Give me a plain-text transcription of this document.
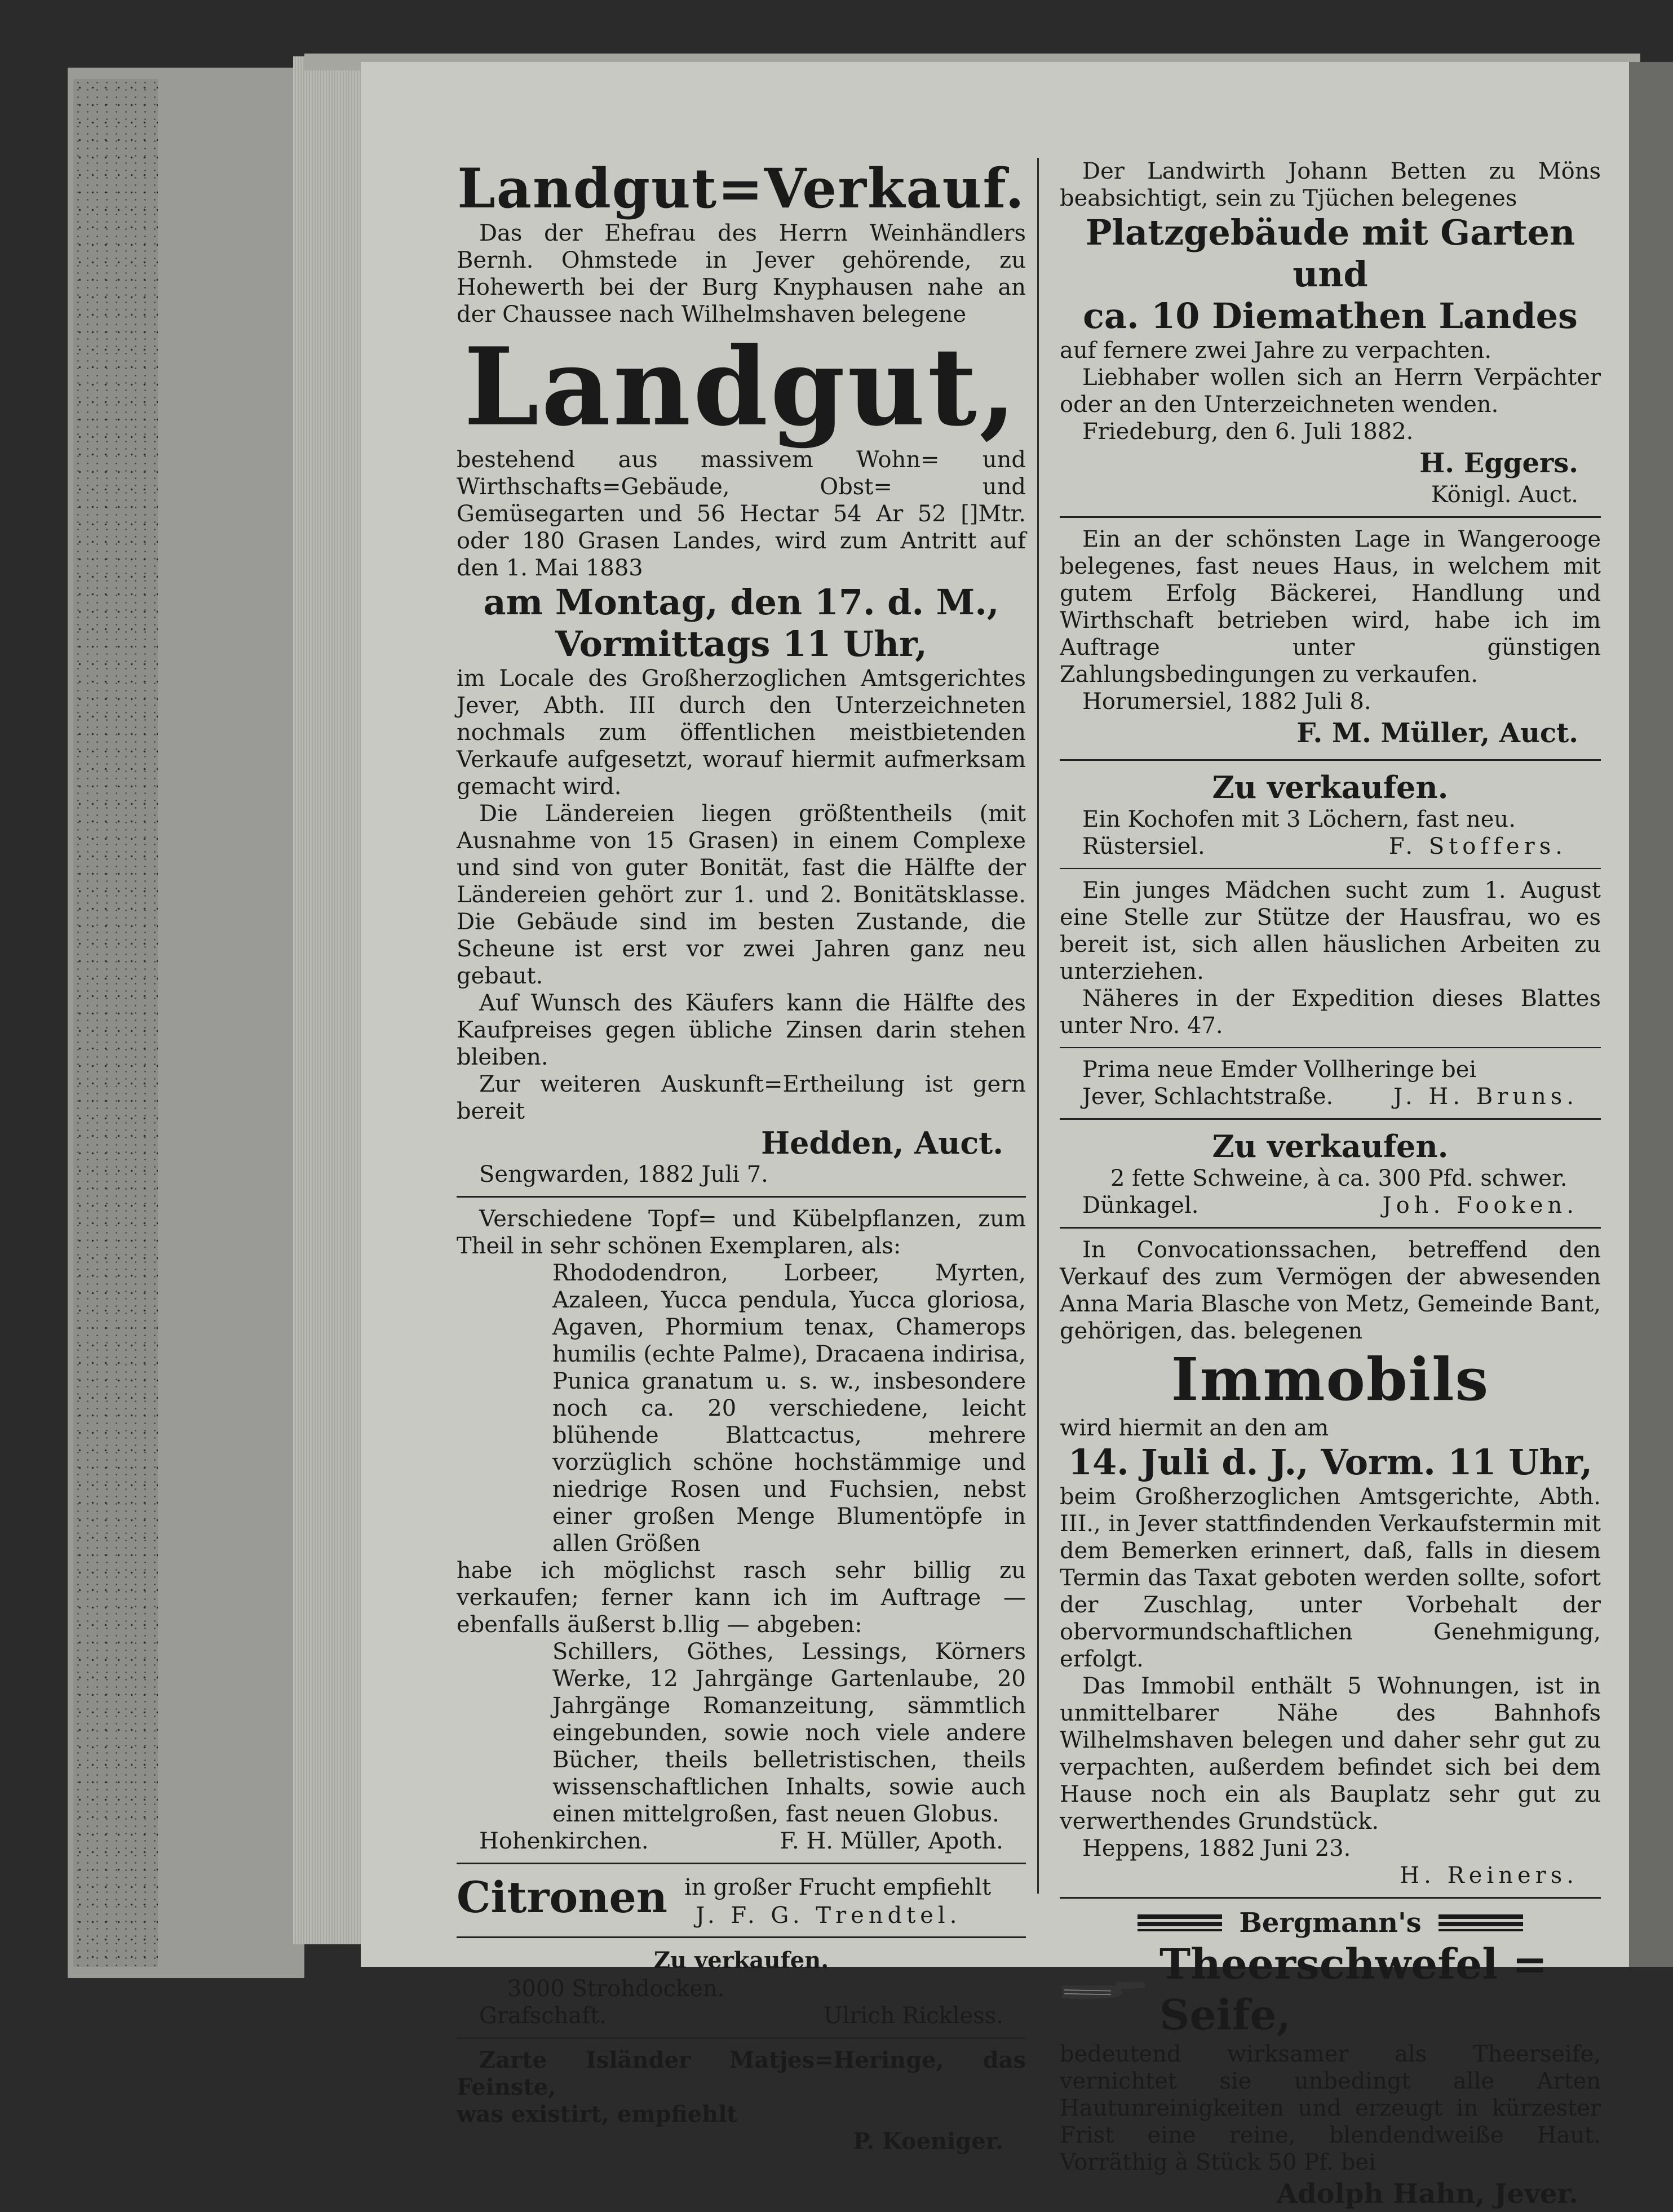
Landgut=Verkauf.

Das der Ehefrau des Herrn Weinhändlers Bernh. Ohmstede in Jever gehörende, zu Hohewerth bei der Burg Knyphausen nahe an der Chaussee nach Wilhelmshaven belegene

Landgut,

bestehend aus massivem Wohn= und Wirthschafts=Gebäude, Obst= und Gemüsegarten und 56 Hectar 54 Ar 52 []Mtr. oder 180 Grasen Landes, wird zum Antritt auf den 1. Mai 1883

am Montag, den 17. d. M.,

Vormittags 11 Uhr,

im Locale des Großherzoglichen Amtsgerichtes Jever, Abth. III durch den Unterzeichneten nochmals zum öffentlichen meistbietenden Verkaufe aufgesetzt, worauf hiermit aufmerksam gemacht wird.

Die Ländereien liegen größtentheils (mit Ausnahme von 15 Grasen) in einem Complexe und sind von guter Bonität, fast die Hälfte der Ländereien gehört zur 1. und 2. Bonitätsklasse. Die Gebäude sind im besten Zustande, die Scheune ist erst vor zwei Jahren ganz neu gebaut.

Auf Wunsch des Käufers kann die Hälfte des Kaufpreises gegen übliche Zinsen darin stehen bleiben.

Zur weiteren Auskunft=Ertheilung ist gern bereit

Hedden, Auct.

Sengwarden, 1882 Juli 7.

Verschiedene Topf= und Kübelpflanzen, zum Theil in sehr schönen Exemplaren, als:

Rhododendron, Lorbeer, Myrten, Azaleen, Yucca pendula, Yucca gloriosa, Agaven, Phormium tenax, Chamerops humilis (echte Palme), Dracaena indirisa, Punica granatum u. s. w., insbesondere noch ca. 20 verschiedene, leicht blühende Blattcactus, mehrere vorzüglich schöne hochstämmige und niedrige Rosen und Fuchsien, nebst einer großen Menge Blumentöpfe in allen Größen

habe ich möglichst rasch sehr billig zu verkaufen; ferner kann ich im Auftrage — ebenfalls äußerst b.llig — abgeben:

Schillers, Göthes, Lessings, Körners Werke, 12 Jahrgänge Gartenlaube, 20 Jahrgänge Romanzeitung, sämmtlich eingebunden, sowie noch viele andere Bücher, theils belletristischen, theils wissenschaftlichen Inhalts, sowie auch einen mittelgroßen, fast neuen Globus.

Hohenkirchen.	F. H. Müller, Apoth.
Citronen in großer Frucht empfiehlt

J. F. G. Trendtel.

Zu verkaufen.

3000 Strohdocken.

Grafschaft.	Ulrich Rickless.

Zarte Isländer Matjes=Heringe, das Feinste,

was existirt, empfiehlt

P. Koeniger.

Der Landwirth Johann Betten zu Möns beabsichtigt, sein zu Tjüchen belegenes

Platzgebäude mit Garten und

ca. 10 Diemathen Landes

auf fernere zwei Jahre zu verpachten.

Liebhaber wollen sich an Herrn Verpächter oder an den Unterzeichneten wenden.

Friedeburg, den 6. Juli 1882.

H. Eggers.

Königl. Auct.

Ein an der schönsten Lage in Wangerooge belegenes, fast neues Haus, in welchem mit gutem Erfolg Bäckerei, Handlung und Wirthschaft betrieben wird, habe ich im Auftrage unter günstigen Zahlungsbedingungen zu verkaufen.

Horumersiel, 1882 Juli 8.

F. M. Müller, Auct.

Zu verkaufen.

Ein Kochofen mit 3 Löchern, fast neu.

Rüstersiel.	F. Stoffers.

Ein junges Mädchen sucht zum 1. August eine Stelle zur Stütze der Hausfrau, wo es bereit ist, sich allen häuslichen Arbeiten zu unterziehen.

Näheres in der Expedition dieses Blattes unter Nro. 47.

Prima neue Emder Vollheringe bei

Jever, Schlachtstraße.	J. H. Bruns.

Zu verkaufen.

2 fette Schweine, à ca. 300 Pfd. schwer.

Dünkagel.	Joh. Fooken.

In Convocationssachen, betreffend den Verkauf des zum Vermögen der abwesenden Anna Maria Blasche von Metz, Gemeinde Bant, gehörigen, das. belegenen

Immobils

wird hiermit an den am

14. Juli d. J., Vorm. 11 Uhr,

beim Großherzoglichen Amtsgerichte, Abth. III., in Jever stattfindenden Verkaufstermin mit dem Bemerken erinnert, daß, falls in diesem Termin das Taxat geboten werden sollte, sofort der Zuschlag, unter Vorbehalt der obervormundschaftlichen Genehmigung, erfolgt.

Das Immobil enthält 5 Wohnungen, ist in unmittelbarer Nähe des Bahnhofs Wilhelmshaven belegen und daher sehr gut zu verpachten, außerdem befindet sich bei dem Hause noch ein als Bauplatz sehr gut zu verwerthendes Grundstück.

Heppens, 1882 Juni 23.

H. Reiners.

Bergmann's
Theerschwefel = Seife,

bedeutend wirksamer als Theerseife, vernichtet sie unbedingt alle Arten Hautunreinigkeiten und erzeugt in kürzester Frist eine reine, blendendweiße Haut. Vorräthig à Stück 50 Pf. bei

Adolph Hahn, Jever.
